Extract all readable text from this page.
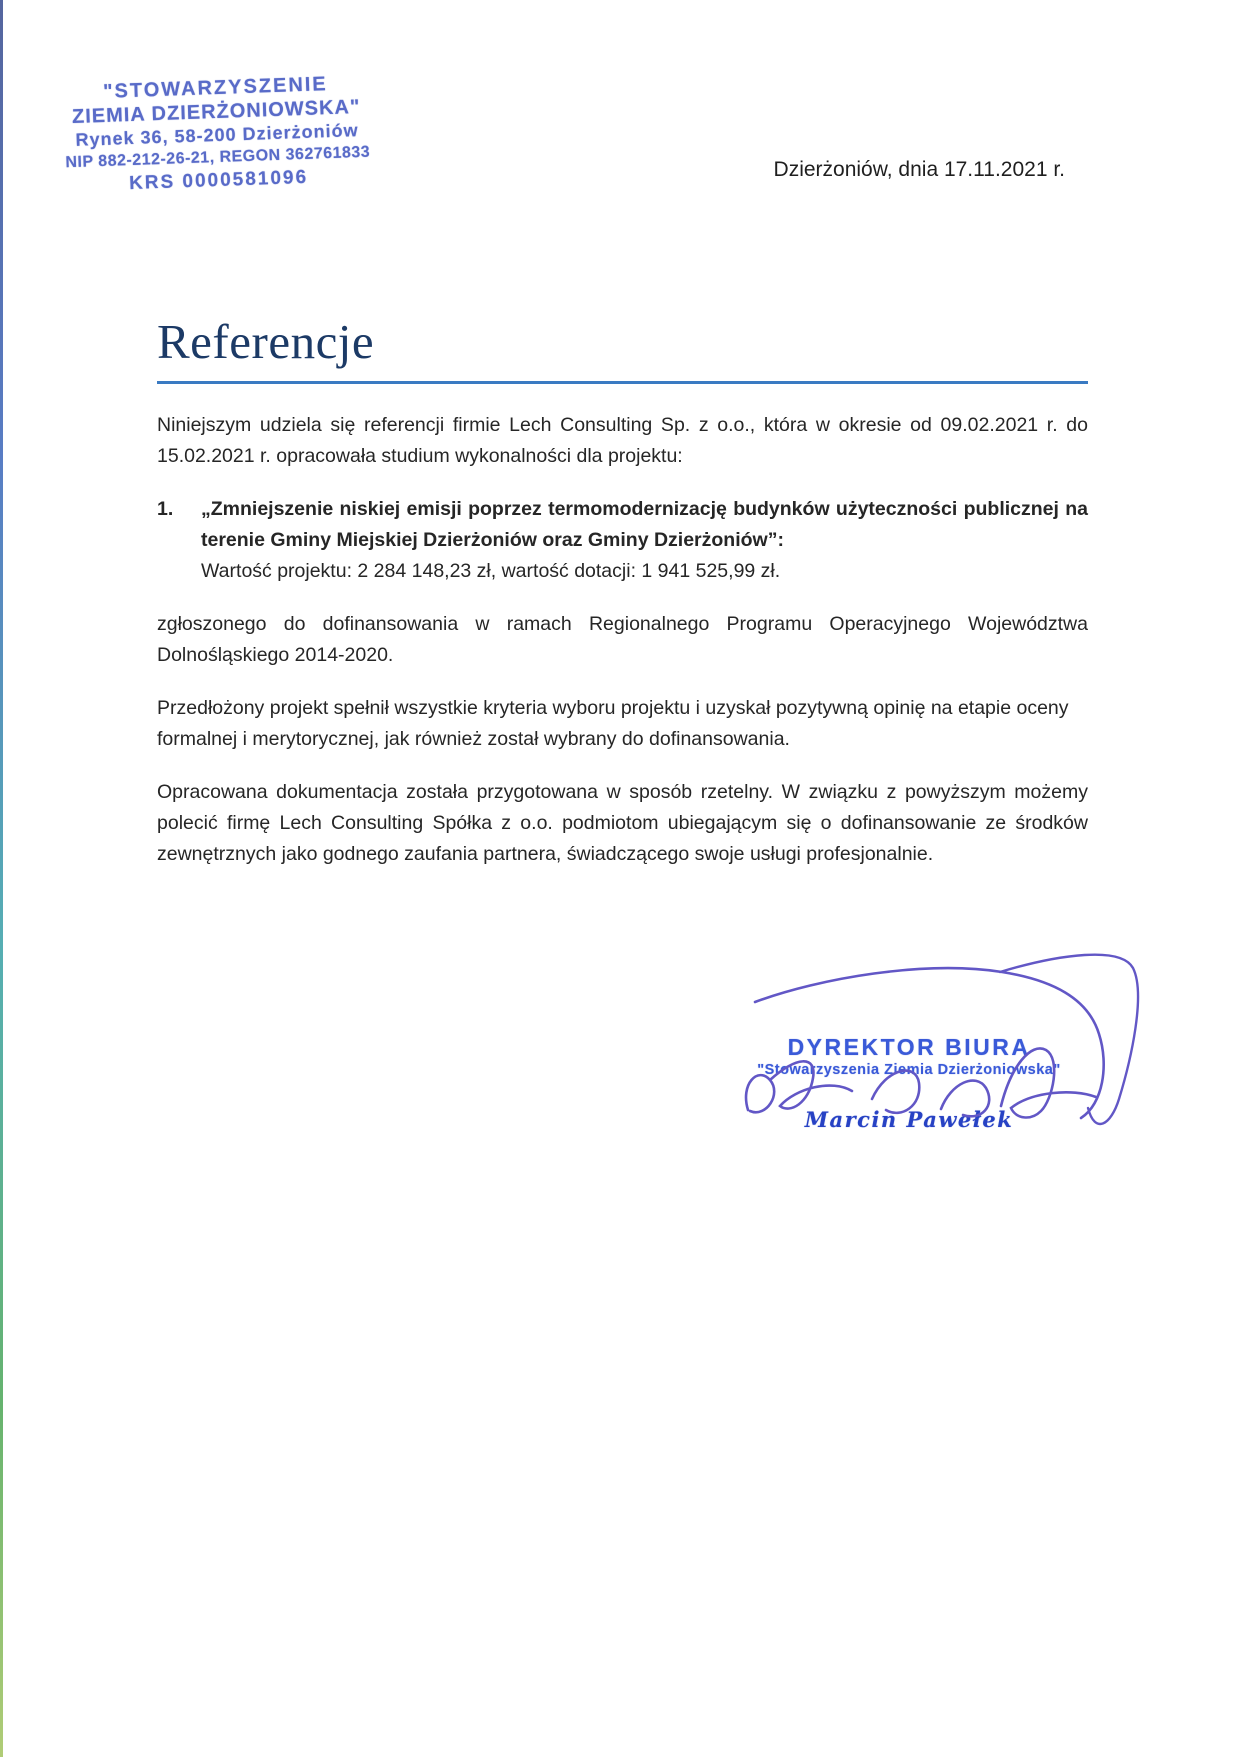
"STOWARZYSZENIE
ZIEMIA DZIERŻONIOWSKA"
Rynek 36, 58-200 Dzierżoniów
NIP 882-212-26-21, REGON 362761833
KRS 0000581096	Dzierżoniów, dnia 17.11.2021 r.
Referencje

Niniejszym udziela się referencji firmie Lech Consulting Sp. z o.o., która w okresie od 09.02.2021 r. do 15.02.2021 r. opracowała studium wykonalności dla projektu:

1.	„Zmniejszenie niskiej emisji poprzez termomodernizację budynków użyteczności publicznej na terenie Gminy Miejskiej Dzierżoniów oraz Gminy Dzierżoniów”:
Wartość projektu: 2 284 148,23 zł, wartość dotacji: 1 941 525,99 zł.

zgłoszonego do dofinansowania w ramach Regionalnego Programu Operacyjnego Województwa Dolnośląskiego 2014-2020.

Przedłożony projekt spełnił wszystkie kryteria wyboru projektu i uzyskał pozytywną opinię na etapie oceny formalnej i merytorycznej, jak również został wybrany do dofinansowania.

Opracowana dokumentacja została przygotowana w sposób rzetelny. W związku z powyższym możemy polecić firmę Lech Consulting Spółka z o.o. podmiotom ubiegającym się o dofinansowanie ze środków zewnętrznych jako godnego zaufania partnera, świadczącego swoje usługi profesjonalnie.

DYREKTOR BIURA
"Stowarzyszenia Ziemia Dzierżoniowska"
Marcin Pawełek
